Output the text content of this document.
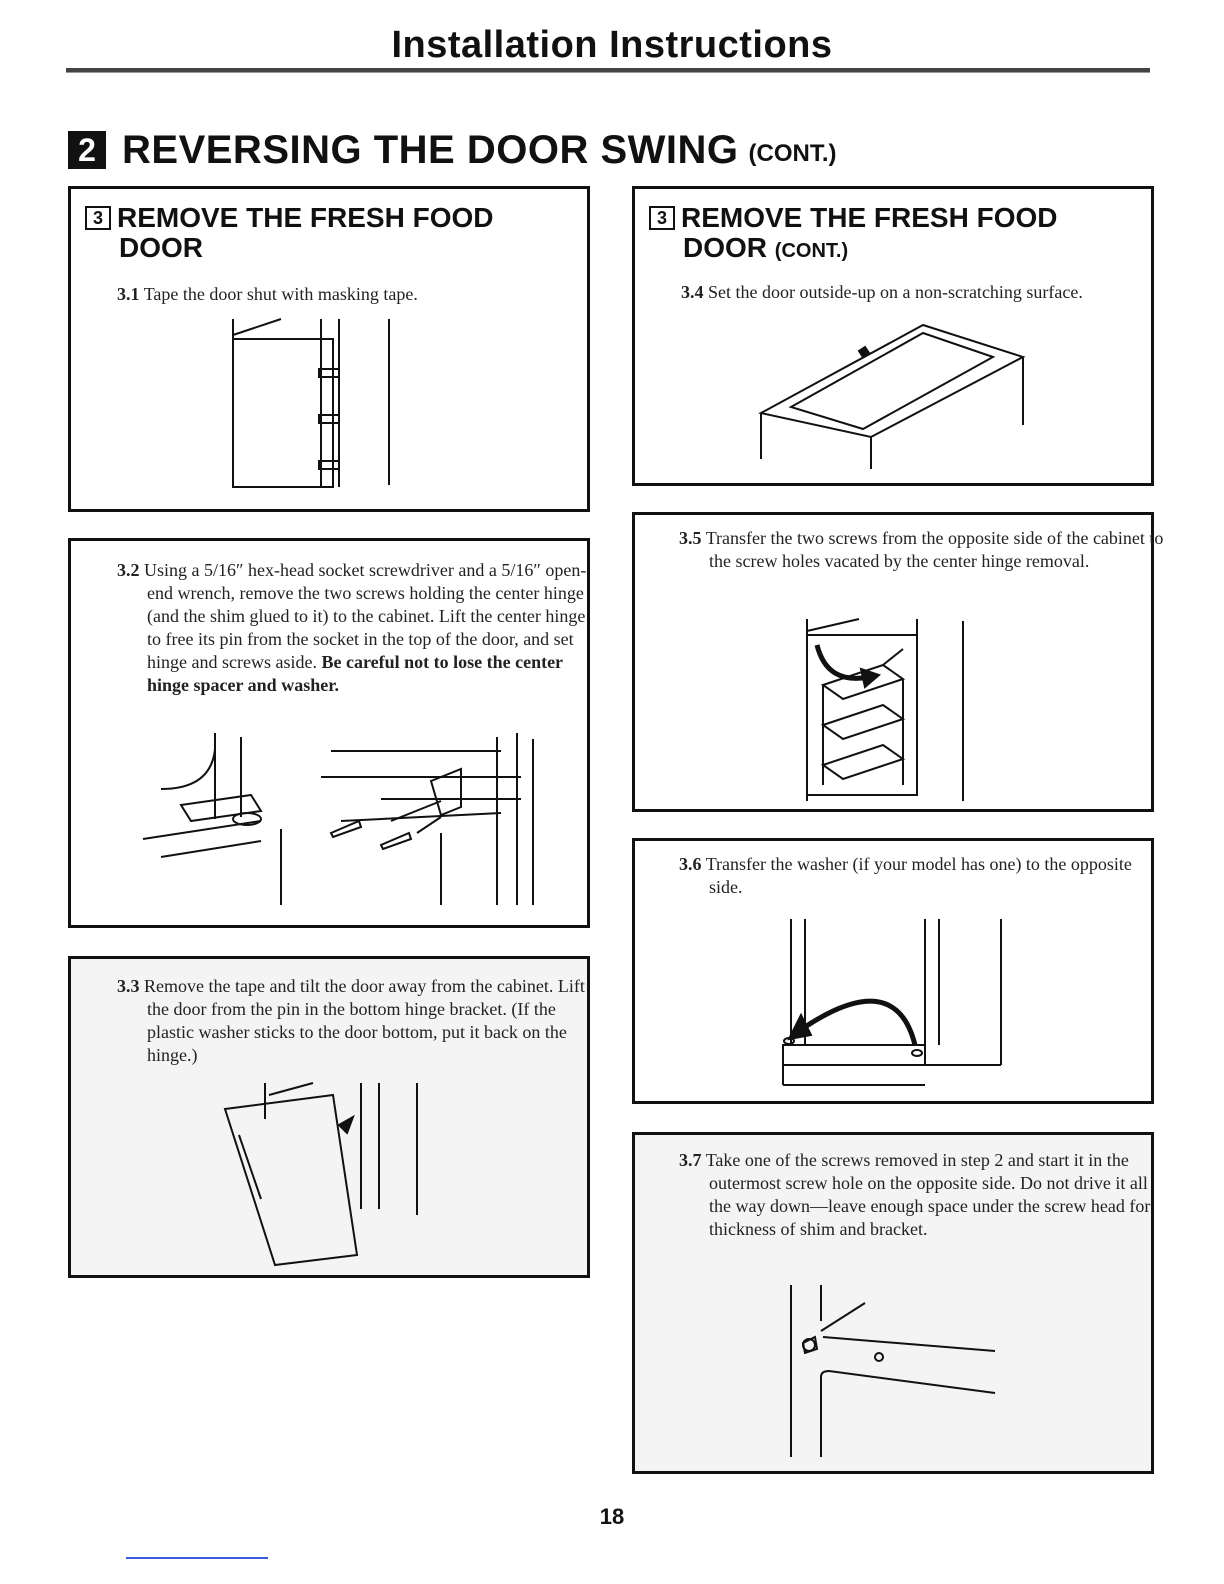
Installation Instructions
2 REVERSING THE DOOR SWING (CONT.)
3 REMOVE THE FRESH FOOD
DOOR
3.1 Tape the door shut with masking tape.
3.2 Using a 5/16″ hex-head socket screwdriver and a 5/16″ open-end wrench, remove the two screws holding the center hinge (and the shim glued to it) to the cabinet. Lift the center hinge to free its pin from the socket in the top of the door, and set hinge and screws aside. Be careful not to lose the center hinge spacer and washer.
3.3 Remove the tape and tilt the door away from the cabinet. Lift the door from the pin in the bottom hinge bracket. (If the plastic washer sticks to the door bottom, put it back on the hinge.)
3 REMOVE THE FRESH FOOD
DOOR (CONT.)
3.4 Set the door outside-up on a non-scratching surface.
3.5 Transfer the two screws from the opposite side of the cabinet to the screw holes vacated by the center hinge removal.
3.6 Transfer the washer (if your model has one) to the opposite side.
3.7 Take one of the screws removed in step 2 and start it in the outermost screw hole on the opposite side. Do not drive it all the way down—leave enough space under the screw head for thickness of shim and bracket.
18
